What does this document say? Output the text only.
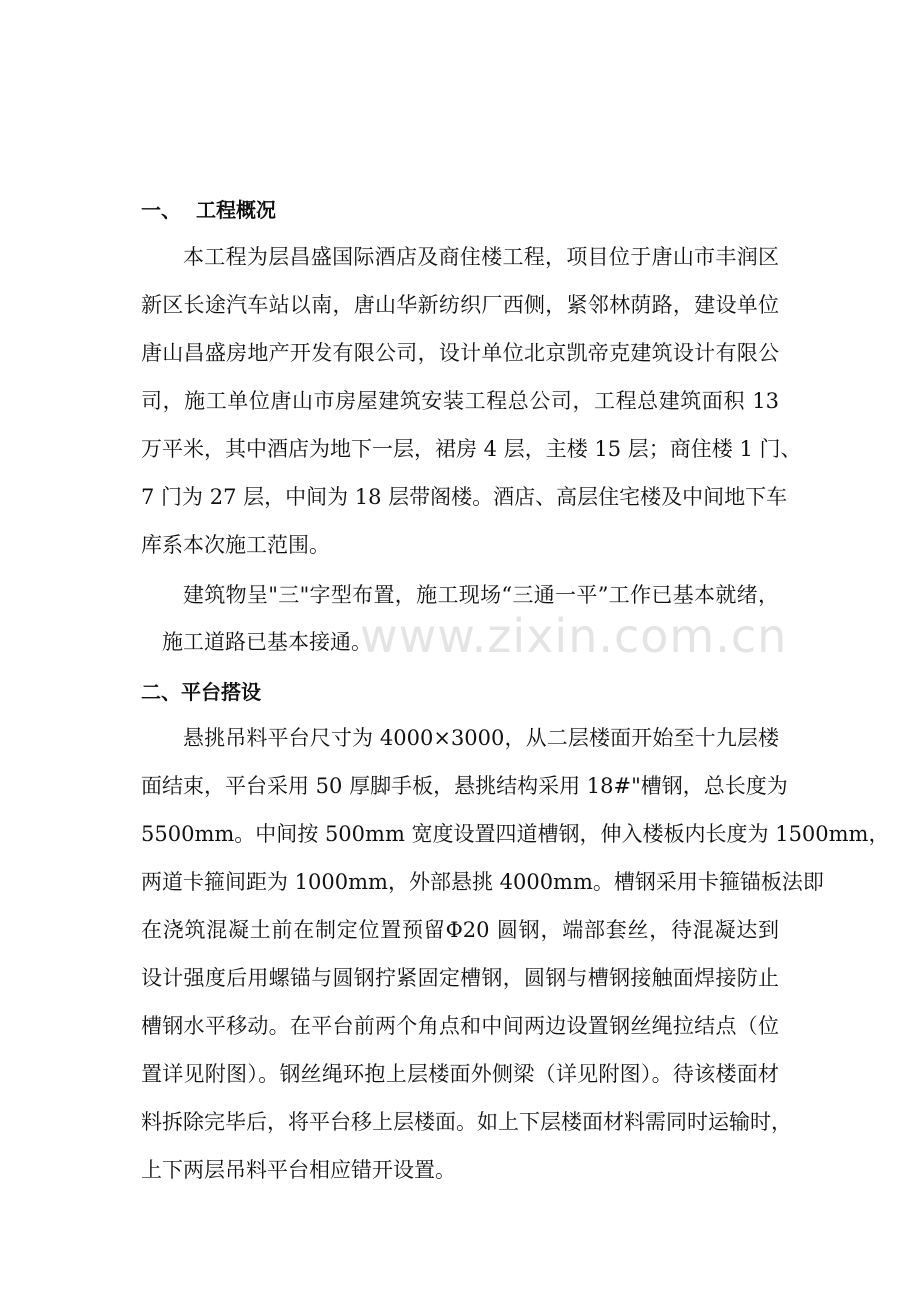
www.zixin.com.cn
一、 工程概况
本工程为层昌盛国际酒店及商住楼工程，项目位于唐山市丰润区
新区长途汽车站以南，唐山华新纺织厂西侧，紧邻林荫路，建设单位
唐山昌盛房地产开发有限公司，设计单位北京凯帝克建筑设计有限公
司，施工单位唐山市房屋建筑安装工程总公司，工程总建筑面积 13
万平米，其中酒店为地下一层，裙房 4 层，主楼 15 层；商住楼 1 门、
7 门为 27 层，中间为 18 层带阁楼。酒店、高层住宅楼及中间地下车
库系本次施工范围。
建筑物呈"三"字型布置，施工现场“三通一平”工作已基本就绪，
施工道路已基本接通。
二、平台搭设
悬挑吊料平台尺寸为 4000×3000，从二层楼面开始至十九层楼
面结束，平台采用 50 厚脚手板，悬挑结构采用 18#"槽钢，总长度为
5500mm。中间按 500mm 宽度设置四道槽钢，伸入楼板内长度为 1500mm，
两道卡箍间距为 1000mm，外部悬挑 4000mm。槽钢采用卡箍锚板法即
在浇筑混凝土前在制定位置预留Φ20 圆钢，端部套丝，待混凝达到
设计强度后用螺锚与圆钢拧紧固定槽钢，圆钢与槽钢接触面焊接防止
槽钢水平移动。在平台前两个角点和中间两边设置钢丝绳拉结点（位
置详见附图）。钢丝绳环抱上层楼面外侧梁（详见附图）。待该楼面材
料拆除完毕后，将平台移上层楼面。如上下层楼面材料需同时运输时，
上下两层吊料平台相应错开设置。
